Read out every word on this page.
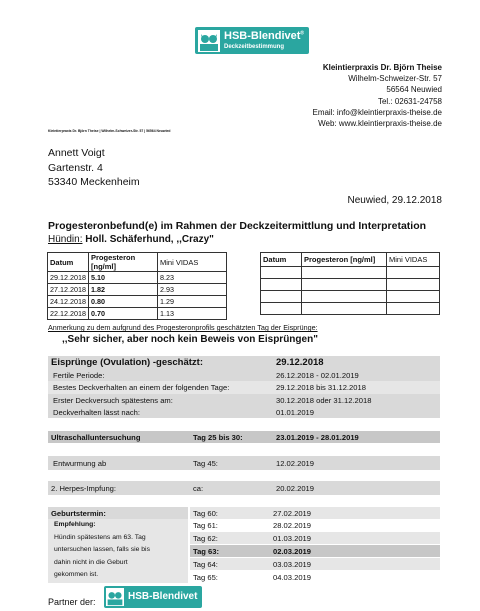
HSB-Blendivet®
Deckzeitbestimmung
Kleintierpraxis Dr. Björn Theise
Wilhelm-Schweizer-Str. 57
56564 Neuwied
Tel.: 02631-24758
Email: info@kleintierpraxis-theise.de
Web: www.kleintierpraxis-theise.de
Kleintierpraxis Dr. Björn Theise | Wilhelm-Schweizer-Str. 57 | 56564 Neuwied
Annett Voigt
Gartenstr. 4
53340 Meckenheim
Neuwied, 29.12.2018
Progesteronbefund(e) im Rahmen der Deckzeitermittlung und Interpretation
Hündin: Holl. Schäferhund, ,,Crazy"
Datum	Progesteron [ng/ml]	Mini VIDAS
29.12.2018	5.10	8.23
27.12.2018	1.82	2.93
24.12.2018	0.80	1.29
22.12.2018	0.70	1.13
Datum	Progesteron [ng/ml]	Mini VIDAS

Anmerkung zu dem aufgrund des Progesteronprofils geschätzten Tag der Eisprünge:
,,Sehr sicher, aber noch kein Beweis von Eisprüngen"
Eisprünge (Ovulation) -geschätzt:	29.12.2018
Fertile Periode:	26.12.2018 - 02.01.2019
Bestes Deckverhalten an einem der folgenden Tage:	29.12.2018 bis 31.12.2018
Erster Deckversuch spätestens am:	30.12.2018 oder 31.12.2018
Deckverhalten lässt nach:	01.01.2019
Ultraschalluntersuchung	Tag 25 bis 30:	23.01.2019 - 28.01.2019
Entwurmung ab	Tag 45:	12.02.2019
2. Herpes-Impfung:	ca:	20.02.2019
Geburtstermin:
Empfehlung:
Hündin spätestens am 63. Tag
untersuchen lassen, falls sie bis
dahin nicht in die Geburt
gekommen ist.
Tag 60:	27.02.2019
Tag 61:	28.02.2019
Tag 62:	01.03.2019
Tag 63:	02.03.2019
Tag 64:	03.03.2019
Tag 65:	04.03.2019
Partner der:	HSB-Blendivet
